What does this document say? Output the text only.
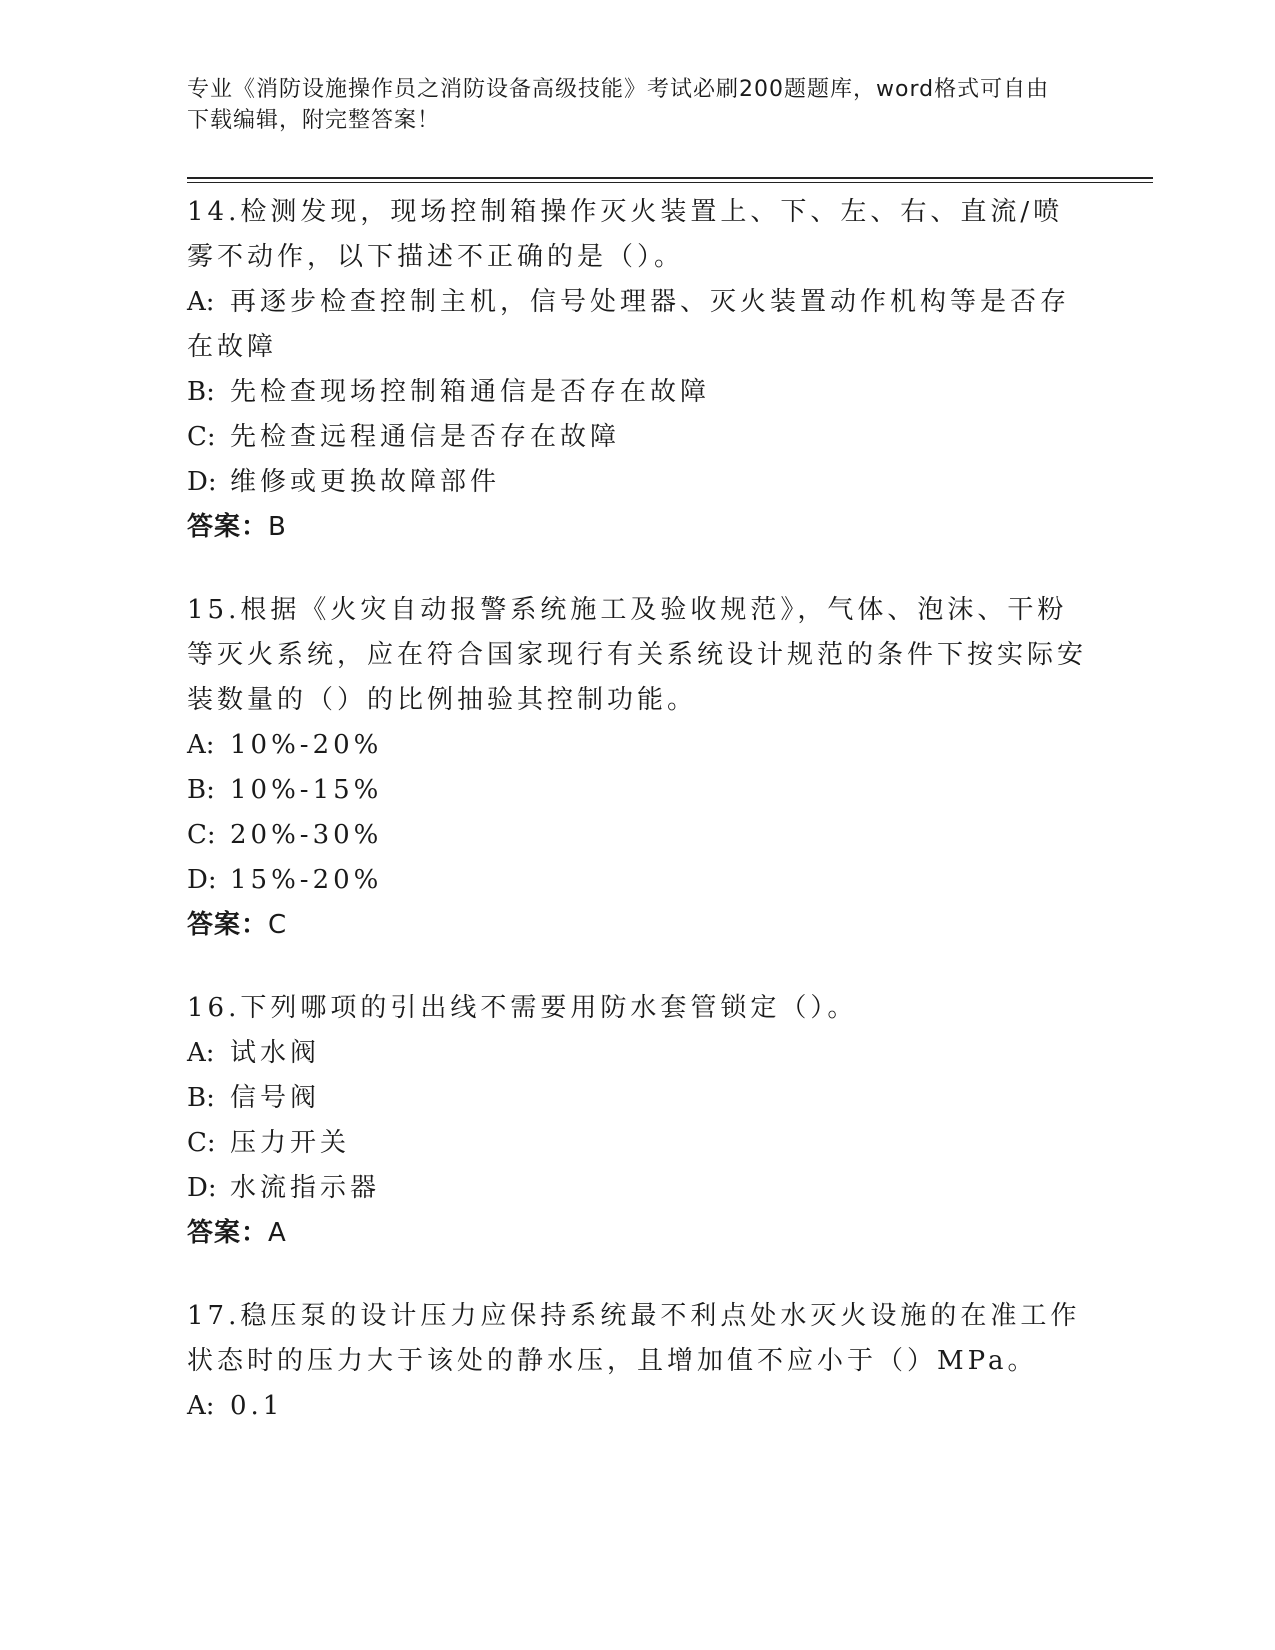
专业《消防设施操作员之消防设备高级技能》考试必刷200题题库，word格式可自由下载编辑，附完整答案！
14.检测发现，现场控制箱操作灭火装置上、下、左、右、直流/喷雾不动作，以下描述不正确的是（）。
A: 再逐步检查控制主机，信号处理器、灭火装置动作机构等是否存在故障
B: 先检查现场控制箱通信是否存在故障
C: 先检查远程通信是否存在故障
D: 维修或更换故障部件
答案：B
15.根据《火灾自动报警系统施工及验收规范》，气体、泡沫、干粉等灭火系统，应在符合国家现行有关系统设计规范的条件下按实际安装数量的（）的比例抽验其控制功能。
A: 10%-20%
B: 10%-15%
C: 20%-30%
D: 15%-20%
答案：C
16.下列哪项的引出线不需要用防水套管锁定（）。
A: 试水阀
B: 信号阀
C: 压力开关
D: 水流指示器
答案：A
17.稳压泵的设计压力应保持系统最不利点处水灭火设施的在准工作状态时的压力大于该处的静水压，且增加值不应小于（）MPa。
A: 0.1
